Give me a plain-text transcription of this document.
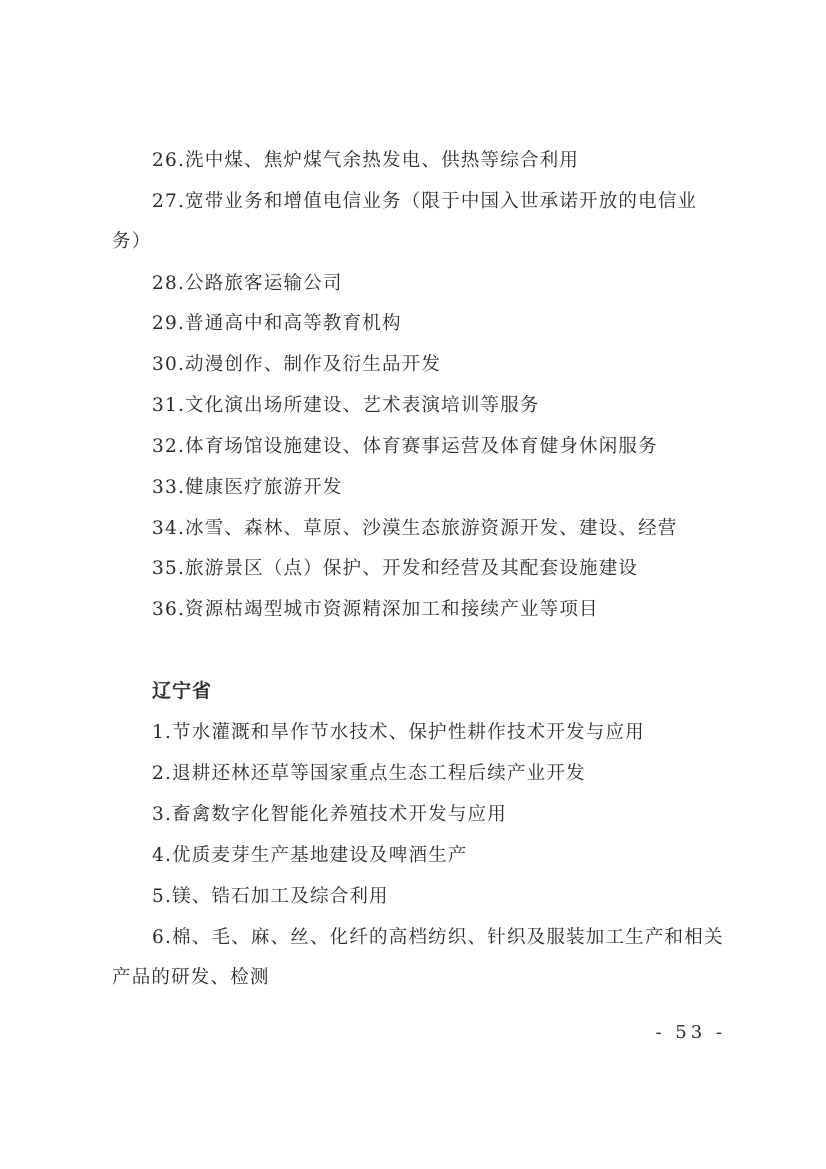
26.洗中煤、焦炉煤气余热发电、供热等综合利用
27.宽带业务和增值电信业务（限于中国入世承诺开放的电信业务）
28.公路旅客运输公司
29.普通高中和高等教育机构
30.动漫创作、制作及衍生品开发
31.文化演出场所建设、艺术表演培训等服务
32.体育场馆设施建设、体育赛事运营及体育健身休闲服务
33.健康医疗旅游开发
34.冰雪、森林、草原、沙漠生态旅游资源开发、建设、经营
35.旅游景区（点）保护、开发和经营及其配套设施建设
36.资源枯竭型城市资源精深加工和接续产业等项目
辽宁省
1.节水灌溉和旱作节水技术、保护性耕作技术开发与应用
2.退耕还林还草等国家重点生态工程后续产业开发
3.畜禽数字化智能化养殖技术开发与应用
4.优质麦芽生产基地建设及啤酒生产
5.镁、锆石加工及综合利用
6.棉、毛、麻、丝、化纤的高档纺织、针织及服装加工生产和相关产品的研发、检测
- 53 -
